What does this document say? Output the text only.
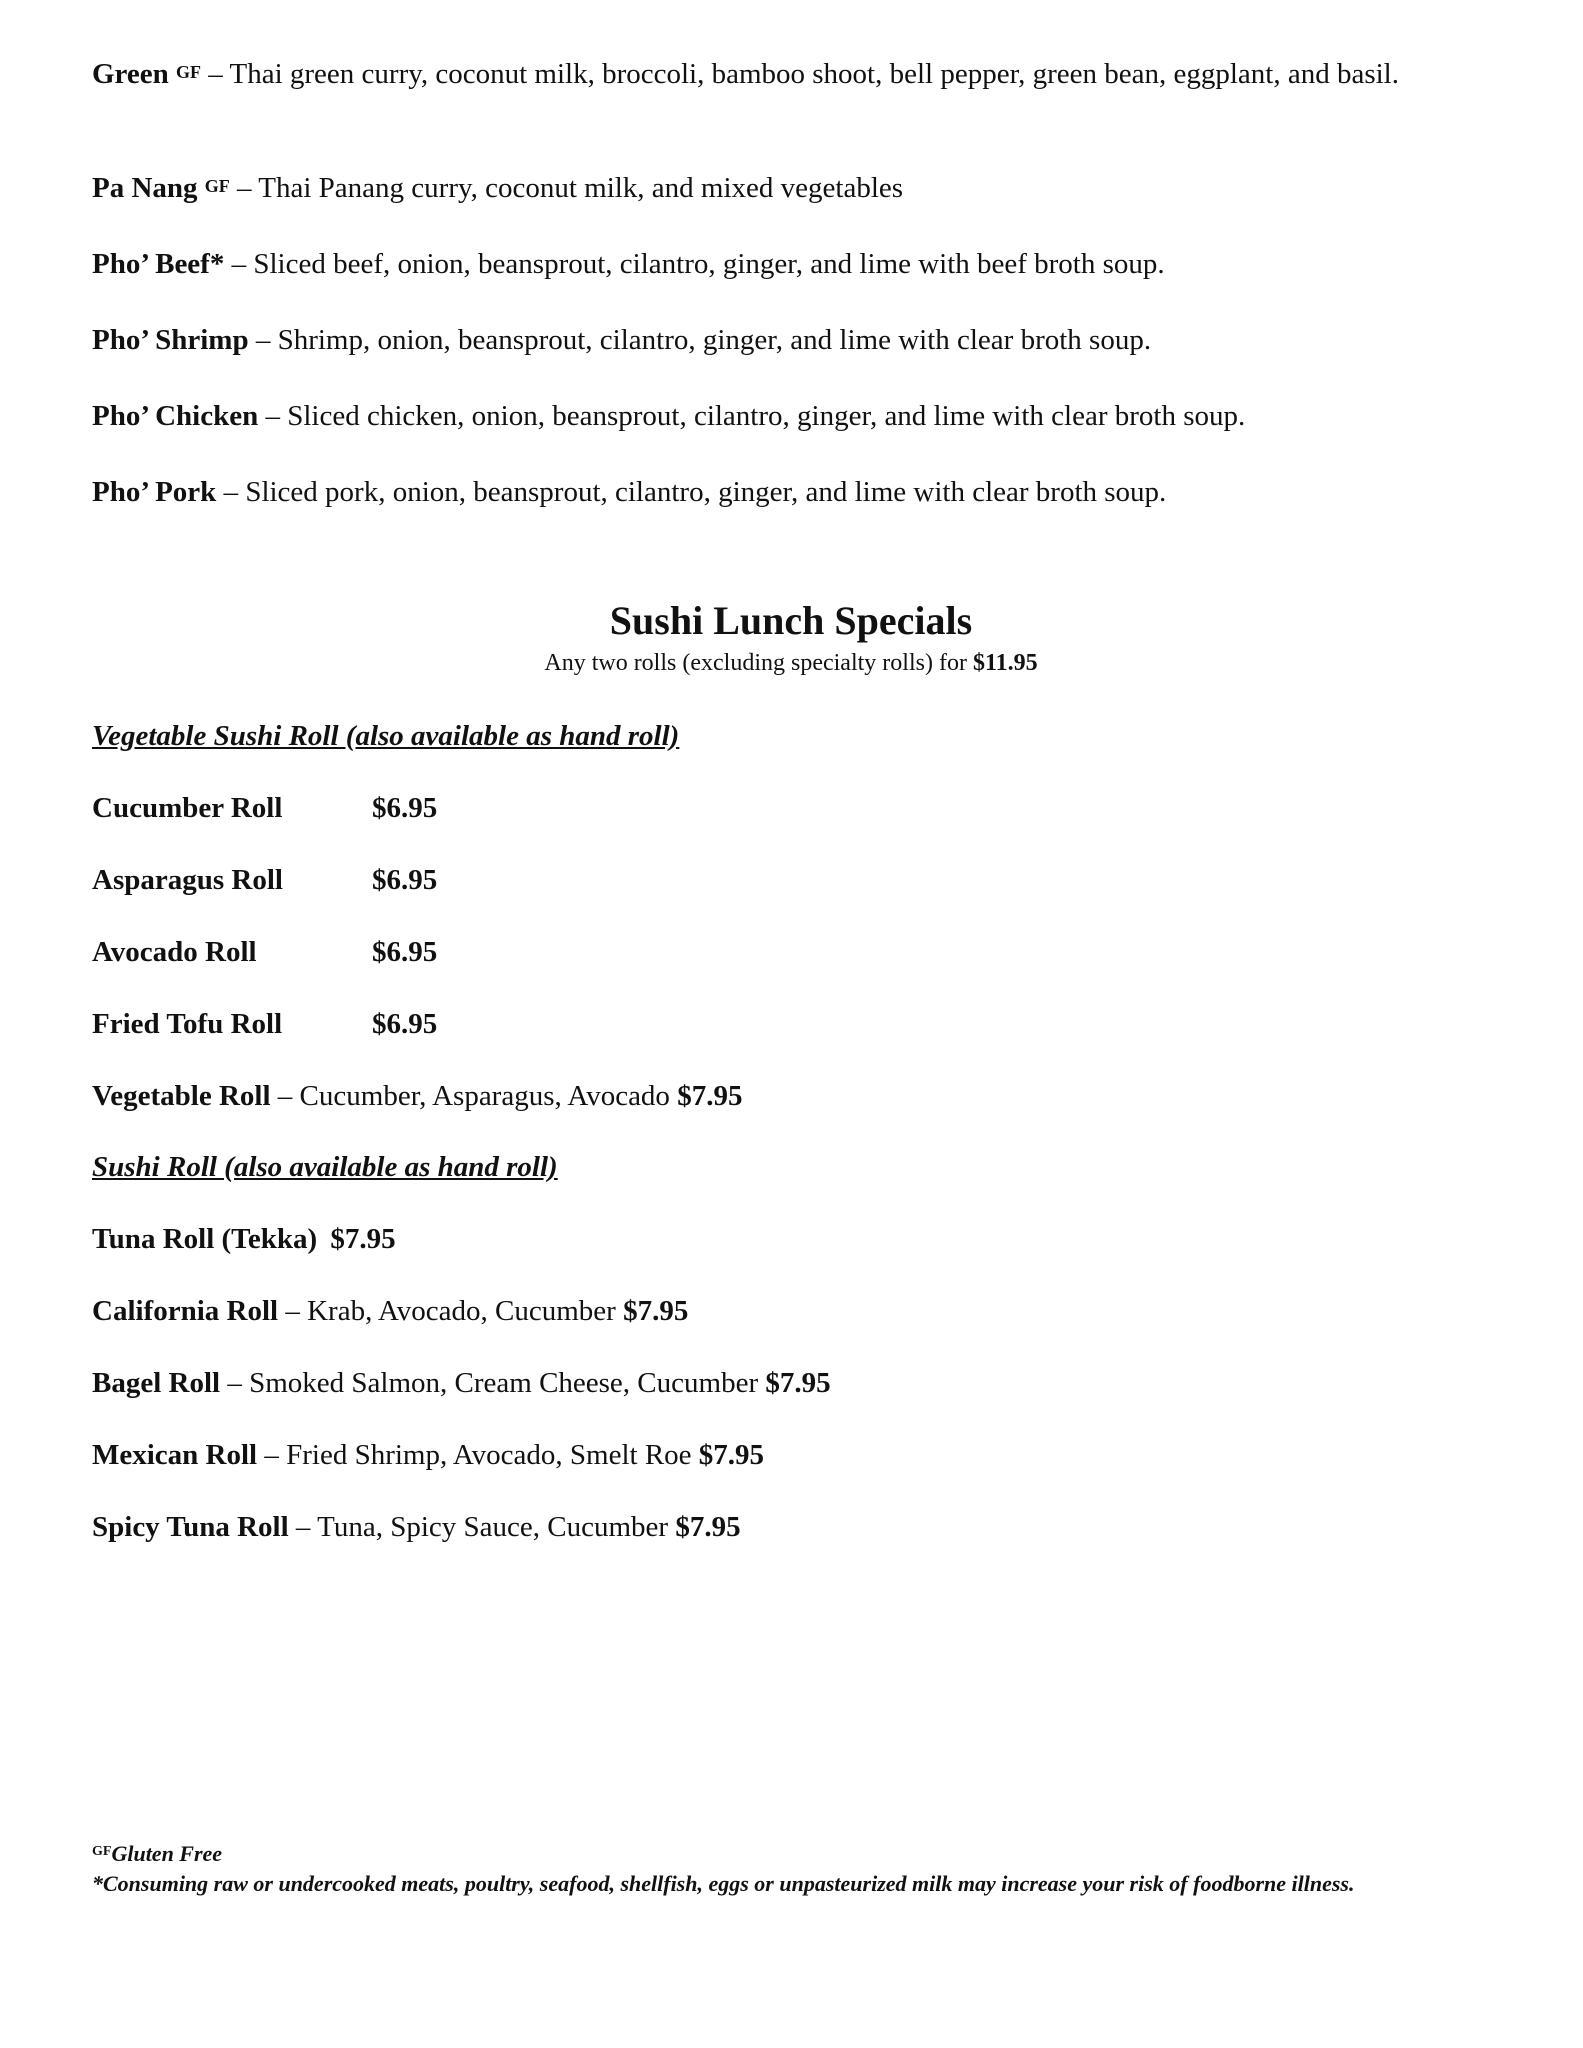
Green $^{GF}$ – Thai green curry, coconut milk, broccoli, bamboo shoot, bell pepper, green bean, eggplant, and basil.
Pa Nang $^{GF}$ – Thai Panang curry, coconut milk, and mixed vegetables
Pho’ Beef* – Sliced beef, onion, beansprout, cilantro, ginger, and lime with beef broth soup.
Pho’ Shrimp – Shrimp, onion, beansprout, cilantro, ginger, and lime with clear broth soup.
Pho’ Chicken – Sliced chicken, onion, beansprout, cilantro, ginger, and lime with clear broth soup.
Pho’ Pork – Sliced pork, onion, beansprout, cilantro, ginger, and lime with clear broth soup.
Sushi Lunch Specials
Any two rolls (excluding specialty rolls) for $11.95
Vegetable Sushi Roll (also available as hand roll)
Cucumber Roll	$6.95
Asparagus Roll	$6.95
Avocado Roll	$6.95
Fried Tofu Roll	$6.95
Vegetable Roll – Cucumber, Asparagus, Avocado $7.95
Sushi Roll (also available as hand roll)
Tuna Roll (Tekka) $7.95
California Roll – Krab, Avocado, Cucumber $7.95
Bagel Roll – Smoked Salmon, Cream Cheese, Cucumber $7.95
Mexican Roll – Fried Shrimp, Avocado, Smelt Roe $7.95
Spicy Tuna Roll – Tuna, Spicy Sauce, Cucumber $7.95
$^{GF}$Gluten Free
*Consuming raw or undercooked meats, poultry, seafood, shellfish, eggs or unpasteurized milk may increase your risk of foodborne illness.
